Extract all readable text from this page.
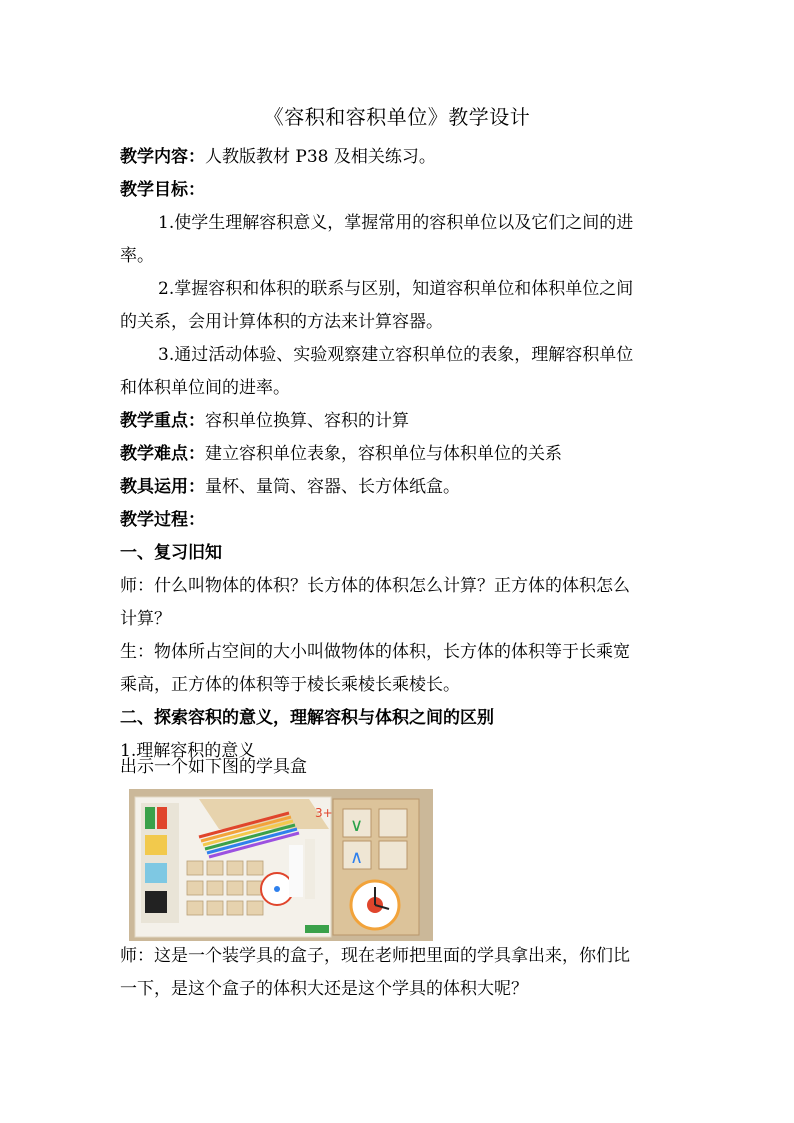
《容积和容积单位》教学设计
教学内容：人教版教材 P38 及相关练习。
教学目标：
1.使学生理解容积意义，掌握常用的容积单位以及它们之间的进
率。
2.掌握容积和体积的联系与区别，知道容积单位和体积单位之间
的关系，会用计算体积的方法来计算容器。
3.通过活动体验、实验观察建立容积单位的表象，理解容积单位
和体积单位间的进率。
教学重点：容积单位换算、容积的计算
教学难点：建立容积单位表象，容积单位与体积单位的关系
教具运用：量杯、量筒、容器、长方体纸盒。
教学过程：
一、复习旧知
师：什么叫物体的体积？长方体的体积怎么计算？正方体的体积怎么
计算？
生：物体所占空间的大小叫做物体的体积，长方体的体积等于长乘宽
乘高，正方体的体积等于棱长乘棱长乘棱长。
二、探索容积的意义，理解容积与体积之间的区别
1.理解容积的意义
出示一个如下图的学具盒
3+
∨
∧
师：这是一个装学具的盒子，现在老师把里面的学具拿出来，你们比
一下，是这个盒子的体积大还是这个学具的体积大呢？
